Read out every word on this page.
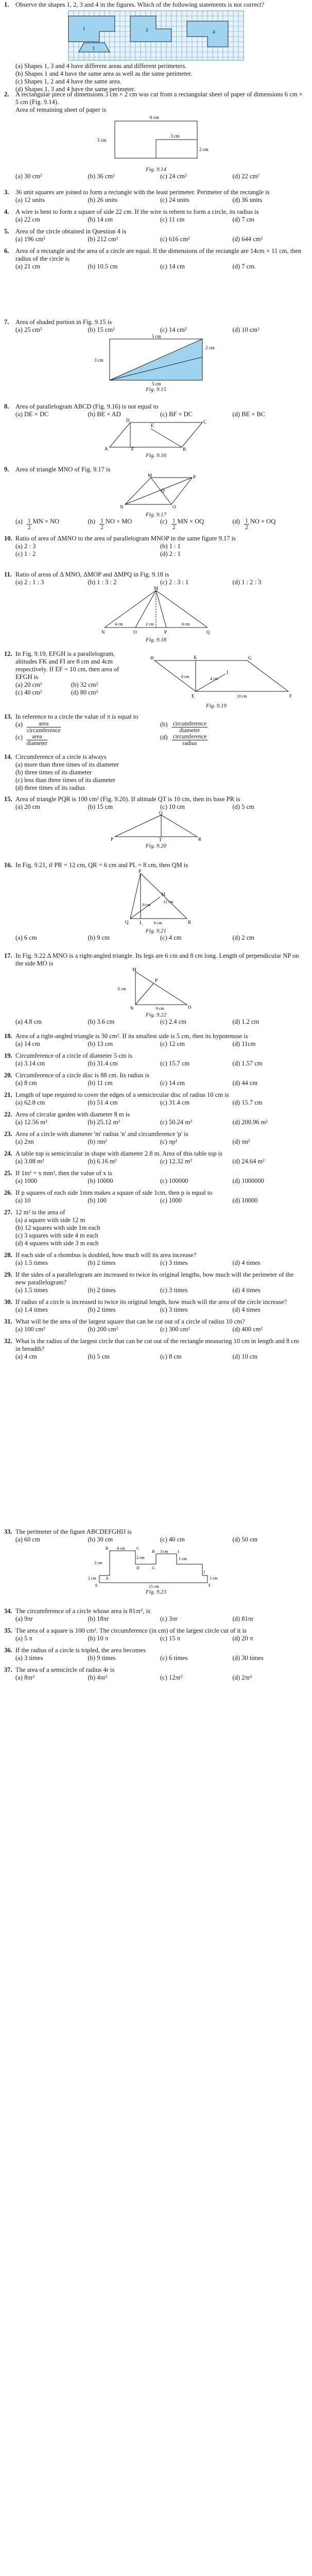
1. Observe the shapes 1, 2, 3 and 4 in the figures. Which of the following statements is not correct?
1	2
3
4
(a) Shapes 1, 3 and 4 have different areas and different perimeters.
(b) Shapes 1 and 4 have the same area as well as the same perimeter.
(c) Shapes 1, 2 and 4 have the same area.
(d) Shapes 1, 3 and 4 have the same perimeter.
2. A rectangular piece of dimensions 3 cm × 2 cm was cut from a rectangular sheet of paper of dimensions 6 cm × 5 cm (Fig. 9.14).
Area of remaining sheet of paper is
6 cm
5 cm
3 cm
2 cm
Fig. 9.14
(a) 30 cm²	(b) 36 cm²	(c) 24 cm²	(d) 22 cm²
3. 36 unit squares are joined to form a rectangle with the least perimeter. Perimeter of the rectangle is
(a) 12 units	(b) 26 units	(c) 24 units	(d) 36 units
4. A wire is bent to form a square of side 22 cm. If the wire is rebent to form a circle, its radius is
(a) 22 cm	(b) 14 cm	(c) 11 cm	(d) 7 cm
5. Area of the circle obtained in Question 4 is
(a) 196 cm²	(b) 212 cm²	(c) 616 cm²	(d) 644 cm²
6. Area of a rectangle and the area of a circle are equal. If the dimensions of the rectangle are 14cm × 11 cm, then radius of the circle is
(a) 21 cm	(b) 10.5 cm	(c) 14 cm	(d) 7 cm.
7. Area of shaded portion in Fig. 9.15 is
(a) 25 cm²	(b) 15 cm²	(c) 14 cm²	(d) 10 cm²
5 cm
3 cm
5 cm
2 cm
Fig. 9.15
8. Area of parallelogram ABCD (Fig. 9.16) is not equal to
(a) DE × DC	(b) BE × AD	(c) BF × DC	(d) BE × BC
D
E
C
A	F	B
Fig. 9.16
9. Area of triangle MNO of Fig. 9.17 is
M	P
Q
N	O
Fig. 9.17
$(a) \frac{1}{2}$ MN × NO	$(b) \frac{1}{2}$ NO × MO	$(c) \frac{1}{2}$ MN × OQ	$(d) \frac{1}{2}$ NO × OQ
10. Ratio of area of ΔMNO to the area of parallelogram MNOP in the same figure 9.17 is
(a) 2 : 3	(b) 1 : 1
(c) 1 : 2	(d) 2 : 1
11. Ratio of areas of Δ MNO, ΔMOP and ΔMPQ in Fig. 9.18 is
(a) 2 : 1 : 3	(b) 1 : 3 : 2	(c) 2 : 3 : 1	(d) 1 : 2 : 3
M
N	O	P	Q
4 cm	2 cm	6 cm
Fig. 9.18
12. In Fig. 9.19, EFGH is a parallelogram, altitudes FK and FI are 8 cm and 4cm respectively. If EF = 10 cm, then area of EFGH is
(a) 20 cm²	(b) 32 cm²
(c) 40 cm²	(d) 80 cm²
H	K	G
E	F
I
4 cm
8 cm
10 cm
Fig. 9.19
13. In reference to a circle the value of π is equal to
$(a) \frac{\text{area}}{\text{circumference}}$	$(b) \frac{\text{circumference}}{\text{diameter}}$
$(c) \frac{\text{area}}{\text{diameter}}$	$(d) \frac{\text{circumference}}{\text{radius}}$
14. Circumference of a circle is always
(a) more than three times of its diameter
(b) three times of its diameter
(c) less than three times of its diameter
(d) three times of its radius
15. Area of triangle PQR is 100 cm² (Fig. 9.20). If altitude QT is 10 cm, then its base PR is
(a) 20 cm	(b) 15 cm	(c) 10 cm	(d) 5 cm
Q
P	T	R
Fig. 9.20
16. In Fig. 9.21, if PR = 12 cm, QR = 6 cm and PL = 8 cm, then QM is
P
M
12 cm
8 cm
Q L	R
6 cm
Fig. 9.21
(a) 6 cm	(b) 9 cm	(c) 4 cm	(d) 2 cm
17. In Fig. 9.22 Δ MNO is a right-angled triangle. Its legs are 6 cm and 8 cm long. Length of perpendicular NP on the side MO is
M
P
6 cm
N	8 cm	O
Fig. 9.22
(a) 4.8 cm	(b) 3.6 cm	(c) 2.4 cm	(d) 1.2 cm
18. Area of a right-angled triangle is 30 cm². If its smallest side is 5 cm, then its hypotenuse is
(a) 14 cm	(b) 13 cm	(c) 12 cm	(d) 11cm
19. Circumference of a circle of diameter 5 cm is
(a) 3.14 cm	(b) 31.4 cm	(c) 15.7 cm	(d) 1.57 cm
20. Circumference of a circle disc is 88 cm. Its radius is
(a) 8 cm	(b) 11 cm	(c) 14 cm	(d) 44 cm
21. Length of tape required to cover the edges of a semicircular disc of radius 10 cm is
(a) 62.8 cm	(b) 51.4 cm	(c) 31.4 cm	(d) 15.7 cm
22. Area of circular garden with diameter 8 m is
(a) 12.56 m²	(b) 25.12 m²	(c) 50.24 m²	(d) 200.96 m²
23. Area of a circle with diameter 'm' radius 'n' and circumference 'p' is
(a) 2πn	(b) πm²	(c) πp²	(d) πn²
24. A table top is semicircular in shape with diameter 2.8 m. Area of this table top is
(a) 3.08 m²	(b) 6.16 m²	(c) 12.32 m²	(d) 24.64 m²
25. If 1m² = x mm², then the value of x is
(a) 1000	(b) 10000	(c) 100000	(d) 1000000
26. If p squares of each side 1mm makes a square of side 1cm, then p is equal to
(a) 10	(b) 100	(c) 1000	(d) 10000
27. 12 m² is the area of
(a) a square with side 12 m
(b) 12 squares with side 1m each
(c) 3 squares with side 4 m each
(d) 4 squares with side 3 m each
28. If each side of a rhombus is doubled, how much will its area increase?
(a) 1.5 times	(b) 2 times	(c) 3 times	(d) 4 times
29. If the sides of a parallelogram are increased to twice its original lengths, how much will the perimeter of the new parallelogram?
(a) 1.5 times	(b) 2 times	(c) 3 times	(d) 4 times
30. If radius of a circle is increased to twice its original length, how much will the area of the circle increase?
(a) 1.4 times	(b) 2 times	(c) 3 times	(d) 4 times
31. What will be the area of the largest square that can be cut out of a circle of radius 10 cm?
(a) 100 cm²	(b) 200 cm²	(c) 300 cm²	(d) 400 cm²
32. What is the radius of the largest circle that can be cut out of the rectangle measuring 10 cm in length and 8 cm in breadth?
(a) 4 cm	(b) 5 cm	(c) 8 cm	(d) 10 cm
33. The perimeter of the figure ABCDEFGHIJ is
(a) 60 cm	(b) 30 cm	(c) 40 cm	(d) 50 cm
B 4 cm	C
H 3 cm I
1 cm
2 cm
3 cm
A
D	G
J
E	F
2 cm	1 cm
15 cm
Fig. 9.23
34. The circumference of a circle whose area is 81πr², is
(a) 9πr	(b) 18πr	(c) 3πr	(d) 81πr
35. The area of a square is 100 cm². The circumference (in cm) of the largest circle cut of it is
(a) 5 π	(b) 10 π	(c) 15 π	(d) 20 π
36. If the radius of a circle is tripled, the area becomes
(a) 3 times	(b) 9 times	(c) 6 times	(d) 30 times
37. The area of a semicircle of radius 4r is
(a) 8πr²	(b) 4πr²	(c) 12πr²	(d) 2πr²
